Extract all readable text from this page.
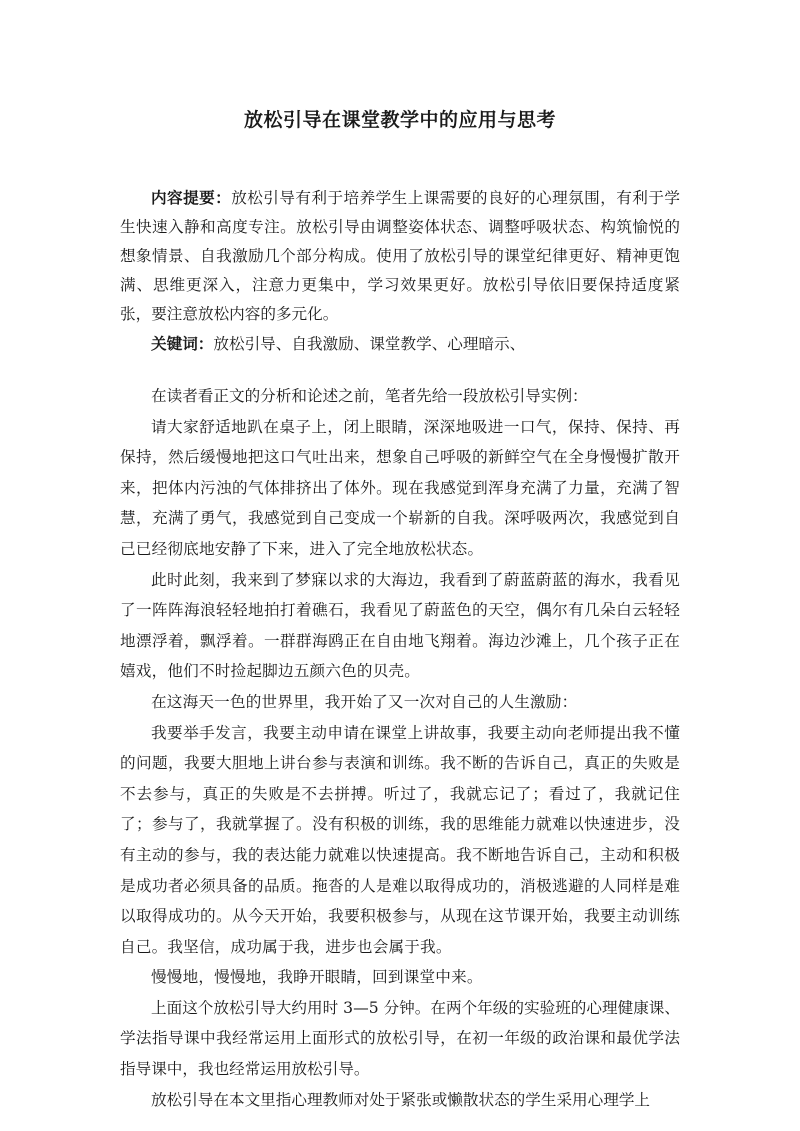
放松引导在课堂教学中的应用与思考
内容提要：放松引导有利于培养学生上课需要的良好的心理氛围，有利于学生快速入静和高度专注。放松引导由调整姿体状态、调整呼吸状态、构筑愉悦的想象情景、自我激励几个部分构成。使用了放松引导的课堂纪律更好、精神更饱满、思维更深入，注意力更集中，学习效果更好。放松引导依旧要保持适度紧张，要注意放松内容的多元化。
关键词：放松引导、自我激励、课堂教学、心理暗示、

在读者看正文的分析和论述之前，笔者先给一段放松引导实例：

请大家舒适地趴在桌子上，闭上眼睛，深深地吸进一口气，保持、保持、再保持，然后缓慢地把这口气吐出来，想象自己呼吸的新鲜空气在全身慢慢扩散开来，把体内污浊的气体排挤出了体外。现在我感觉到浑身充满了力量，充满了智慧，充满了勇气，我感觉到自己变成一个崭新的自我。深呼吸两次，我感觉到自己已经彻底地安静了下来，进入了完全地放松状态。

此时此刻，我来到了梦寐以求的大海边，我看到了蔚蓝蔚蓝的海水，我看见了一阵阵海浪轻轻地拍打着礁石，我看见了蔚蓝色的天空，偶尔有几朵白云轻轻地漂浮着，飘浮着。一群群海鸥正在自由地飞翔着。海边沙滩上，几个孩子正在嬉戏，他们不时捡起脚边五颜六色的贝壳。

在这海天一色的世界里，我开始了又一次对自己的人生激励：

我要举手发言，我要主动申请在课堂上讲故事，我要主动向老师提出我不懂的问题，我要大胆地上讲台参与表演和训练。我不断的告诉自己，真正的失败是不去参与，真正的失败是不去拼搏。听过了，我就忘记了；看过了，我就记住了；参与了，我就掌握了。没有积极的训练，我的思维能力就难以快速进步，没有主动的参与，我的表达能力就难以快速提高。我不断地告诉自己，主动和积极是成功者必须具备的品质。拖沓的人是难以取得成功的，消极逃避的人同样是难以取得成功的。从今天开始，我要积极参与，从现在这节课开始，我要主动训练自己。我坚信，成功属于我，进步也会属于我。

慢慢地，慢慢地，我睁开眼睛，回到课堂中来。

上面这个放松引导大约用时 3—5 分钟。在两个年级的实验班的心理健康课、学法指导课中我经常运用上面形式的放松引导，在初一年级的政治课和最优学法指导课中，我也经常运用放松引导。

放松引导在本文里指心理教师对处于紧张或懒散状态的学生采用心理学上
